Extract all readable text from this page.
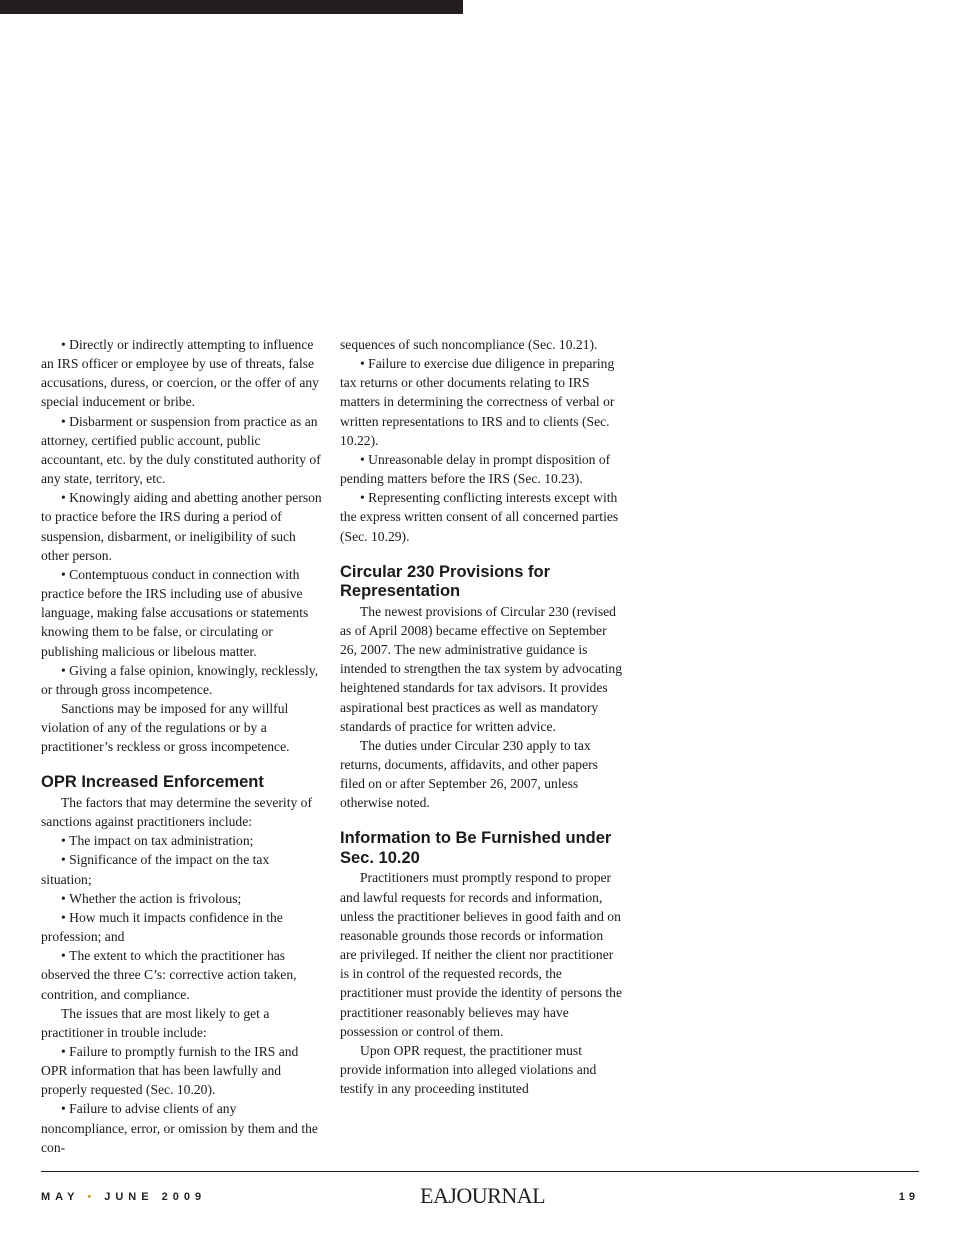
• Directly or indirectly attempting to influence an IRS officer or employee by use of threats, false accusations, duress, or coercion, or the offer of any special inducement or bribe.

• Disbarment or suspension from practice as an attorney, certified public account, public accountant, etc. by the duly constituted authority of any state, territory, etc.

• Knowingly aiding and abetting another person to practice before the IRS during a period of suspension, disbarment, or ineligibility of such other person.

• Contemptuous conduct in connection with practice before the IRS including use of abusive language, making false accusations or statements knowing them to be false, or circulating or publishing malicious or libelous matter.

• Giving a false opinion, knowingly, recklessly, or through gross incompetence.

Sanctions may be imposed for any willful violation of any of the regulations or by a practitioner’s reckless or gross incompetence.

OPR Increased Enforcement

The factors that may determine the severity of sanctions against practitioners include:

• The impact on tax administration;

• Significance of the impact on the tax situation;

• Whether the action is frivolous;

• How much it impacts confidence in the profession; and

• The extent to which the practitioner has observed the three C’s: corrective action taken, contrition, and compliance.

The issues that are most likely to get a practitioner in trouble include:

• Failure to promptly furnish to the IRS and OPR information that has been lawfully and properly requested (Sec. 10.20).

• Failure to advise clients of any noncompliance, error, or omission by them and the con-

sequences of such noncompliance (Sec. 10.21).

• Failure to exercise due diligence in preparing tax returns or other documents relating to IRS matters in determining the correctness of verbal or written representations to IRS and to clients (Sec. 10.22).

• Unreasonable delay in prompt disposition of pending matters before the IRS (Sec. 10.23).

• Representing conflicting interests except with the express written consent of all concerned parties (Sec. 10.29).

Circular 230 Provisions for Representation

The newest provisions of Circular 230 (revised as of April 2008) became effective on September 26, 2007. The new administrative guidance is intended to strengthen the tax system by advocating heightened standards for tax advisors. It provides aspirational best practices as well as mandatory standards of practice for written advice.

The duties under Circular 230 apply to tax returns, documents, affidavits, and other papers filed on or after September 26, 2007, unless otherwise noted.

Information to Be Furnished under Sec. 10.20

Practitioners must promptly respond to proper and lawful requests for records and information, unless the practitioner believes in good faith and on reasonable grounds those records or information are privileged. If neither the client nor practitioner is in control of the requested records, the practitioner must provide the identity of persons the practitioner reasonably believes may have possession or control of them.

Upon OPR request, the practitioner must provide information into alleged violations and testify in any proceeding instituted

MAY • JUNE 2009	EAJOURNAL	19
